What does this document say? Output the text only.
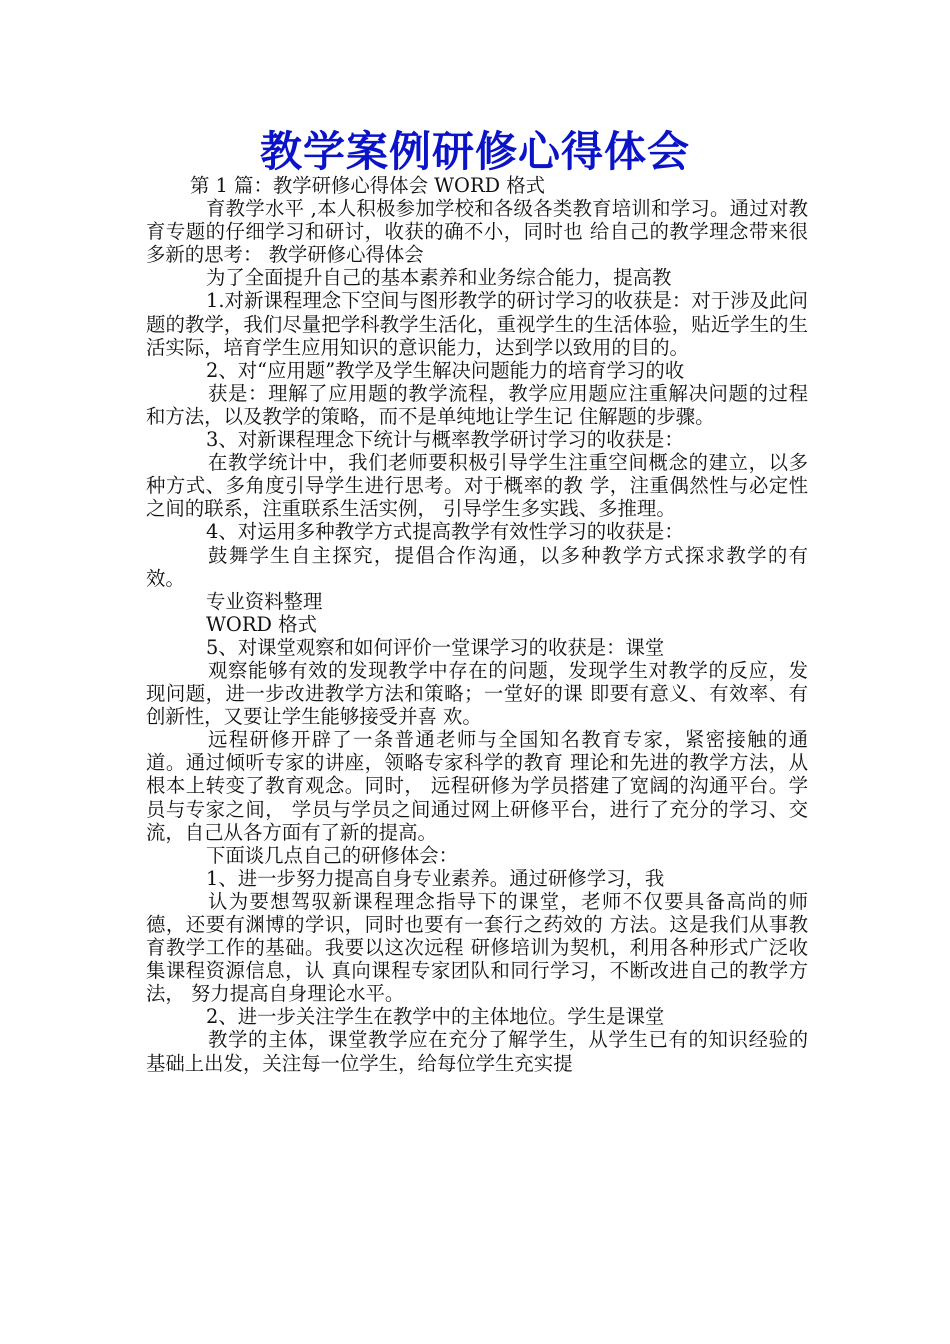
教学案例研修心得体会

第 1 篇：教学研修心得体会 WORD 格式

育教学水平 ,本人积极参加学校和各级各类教育培训和学习。通过对教育专题的仔细学习和研讨，收获的确不小，同时也 给自己的教学理念带来很多新的思考： 教学研修心得体会

为了全面提升自己的基本素养和业务综合能力，提高教

1.对新课程理念下空间与图形教学的研讨学习的收获是：对于涉及此问题的教学，我们尽量把学科教学生活化，重视学生的生活体验，贴近学生的生活实际，培育学生应用知识的意识能力，达到学以致用的目的。

2、对“应用题”教学及学生解决问题能力的培育学习的收

获是：理解了应用题的教学流程，教学应用题应注重解决问题的过程和方法，以及教学的策略，而不是单纯地让学生记 住解题的步骤。

3、对新课程理念下统计与概率教学研讨学习的收获是：

在教学统计中，我们老师要积极引导学生注重空间概念的建立，以多种方式、多角度引导学生进行思考。对于概率的教 学，注重偶然性与必定性之间的联系，注重联系生活实例， 引导学生多实践、多推理。

4、对运用多种教学方式提高教学有效性学习的收获是：

鼓舞学生自主探究，提倡合作沟通，以多种教学方式探求教学的有效。

专业资料整理

WORD 格式

5、对课堂观察和如何评价一堂课学习的收获是：课堂

观察能够有效的发现教学中存在的问题，发现学生对教学的反应，发现问题，进一步改进教学方法和策略；一堂好的课 即要有意义、有效率、有创新性，又要让学生能够接受并喜 欢。

远程研修开辟了一条普通老师与全国知名教育专家，紧密接触的通道。通过倾听专家的讲座，领略专家科学的教育 理论和先进的教学方法，从根本上转变了教育观念。同时， 远程研修为学员搭建了宽阔的沟通平台。学员与专家之间， 学员与学员之间通过网上研修平台，进行了充分的学习、交 流，自己从各方面有了新的提高。

下面谈几点自己的研修体会：

1、进一步努力提高自身专业素养。通过研修学习，我

认为要想驾驭新课程理念指导下的课堂，老师不仅要具备高尚的师德，还要有渊博的学识，同时也要有一套行之药效的 方法。这是我们从事教育教学工作的基础。我要以这次远程 研修培训为契机，利用各种形式广泛收集课程资源信息，认 真向课程专家团队和同行学习，不断改进自己的教学方法， 努力提高自身理论水平。

2、进一步关注学生在教学中的主体地位。学生是课堂

教学的主体，课堂教学应在充分了解学生，从学生已有的知识经验的基础上出发，关注每一位学生，给每位学生充实提
